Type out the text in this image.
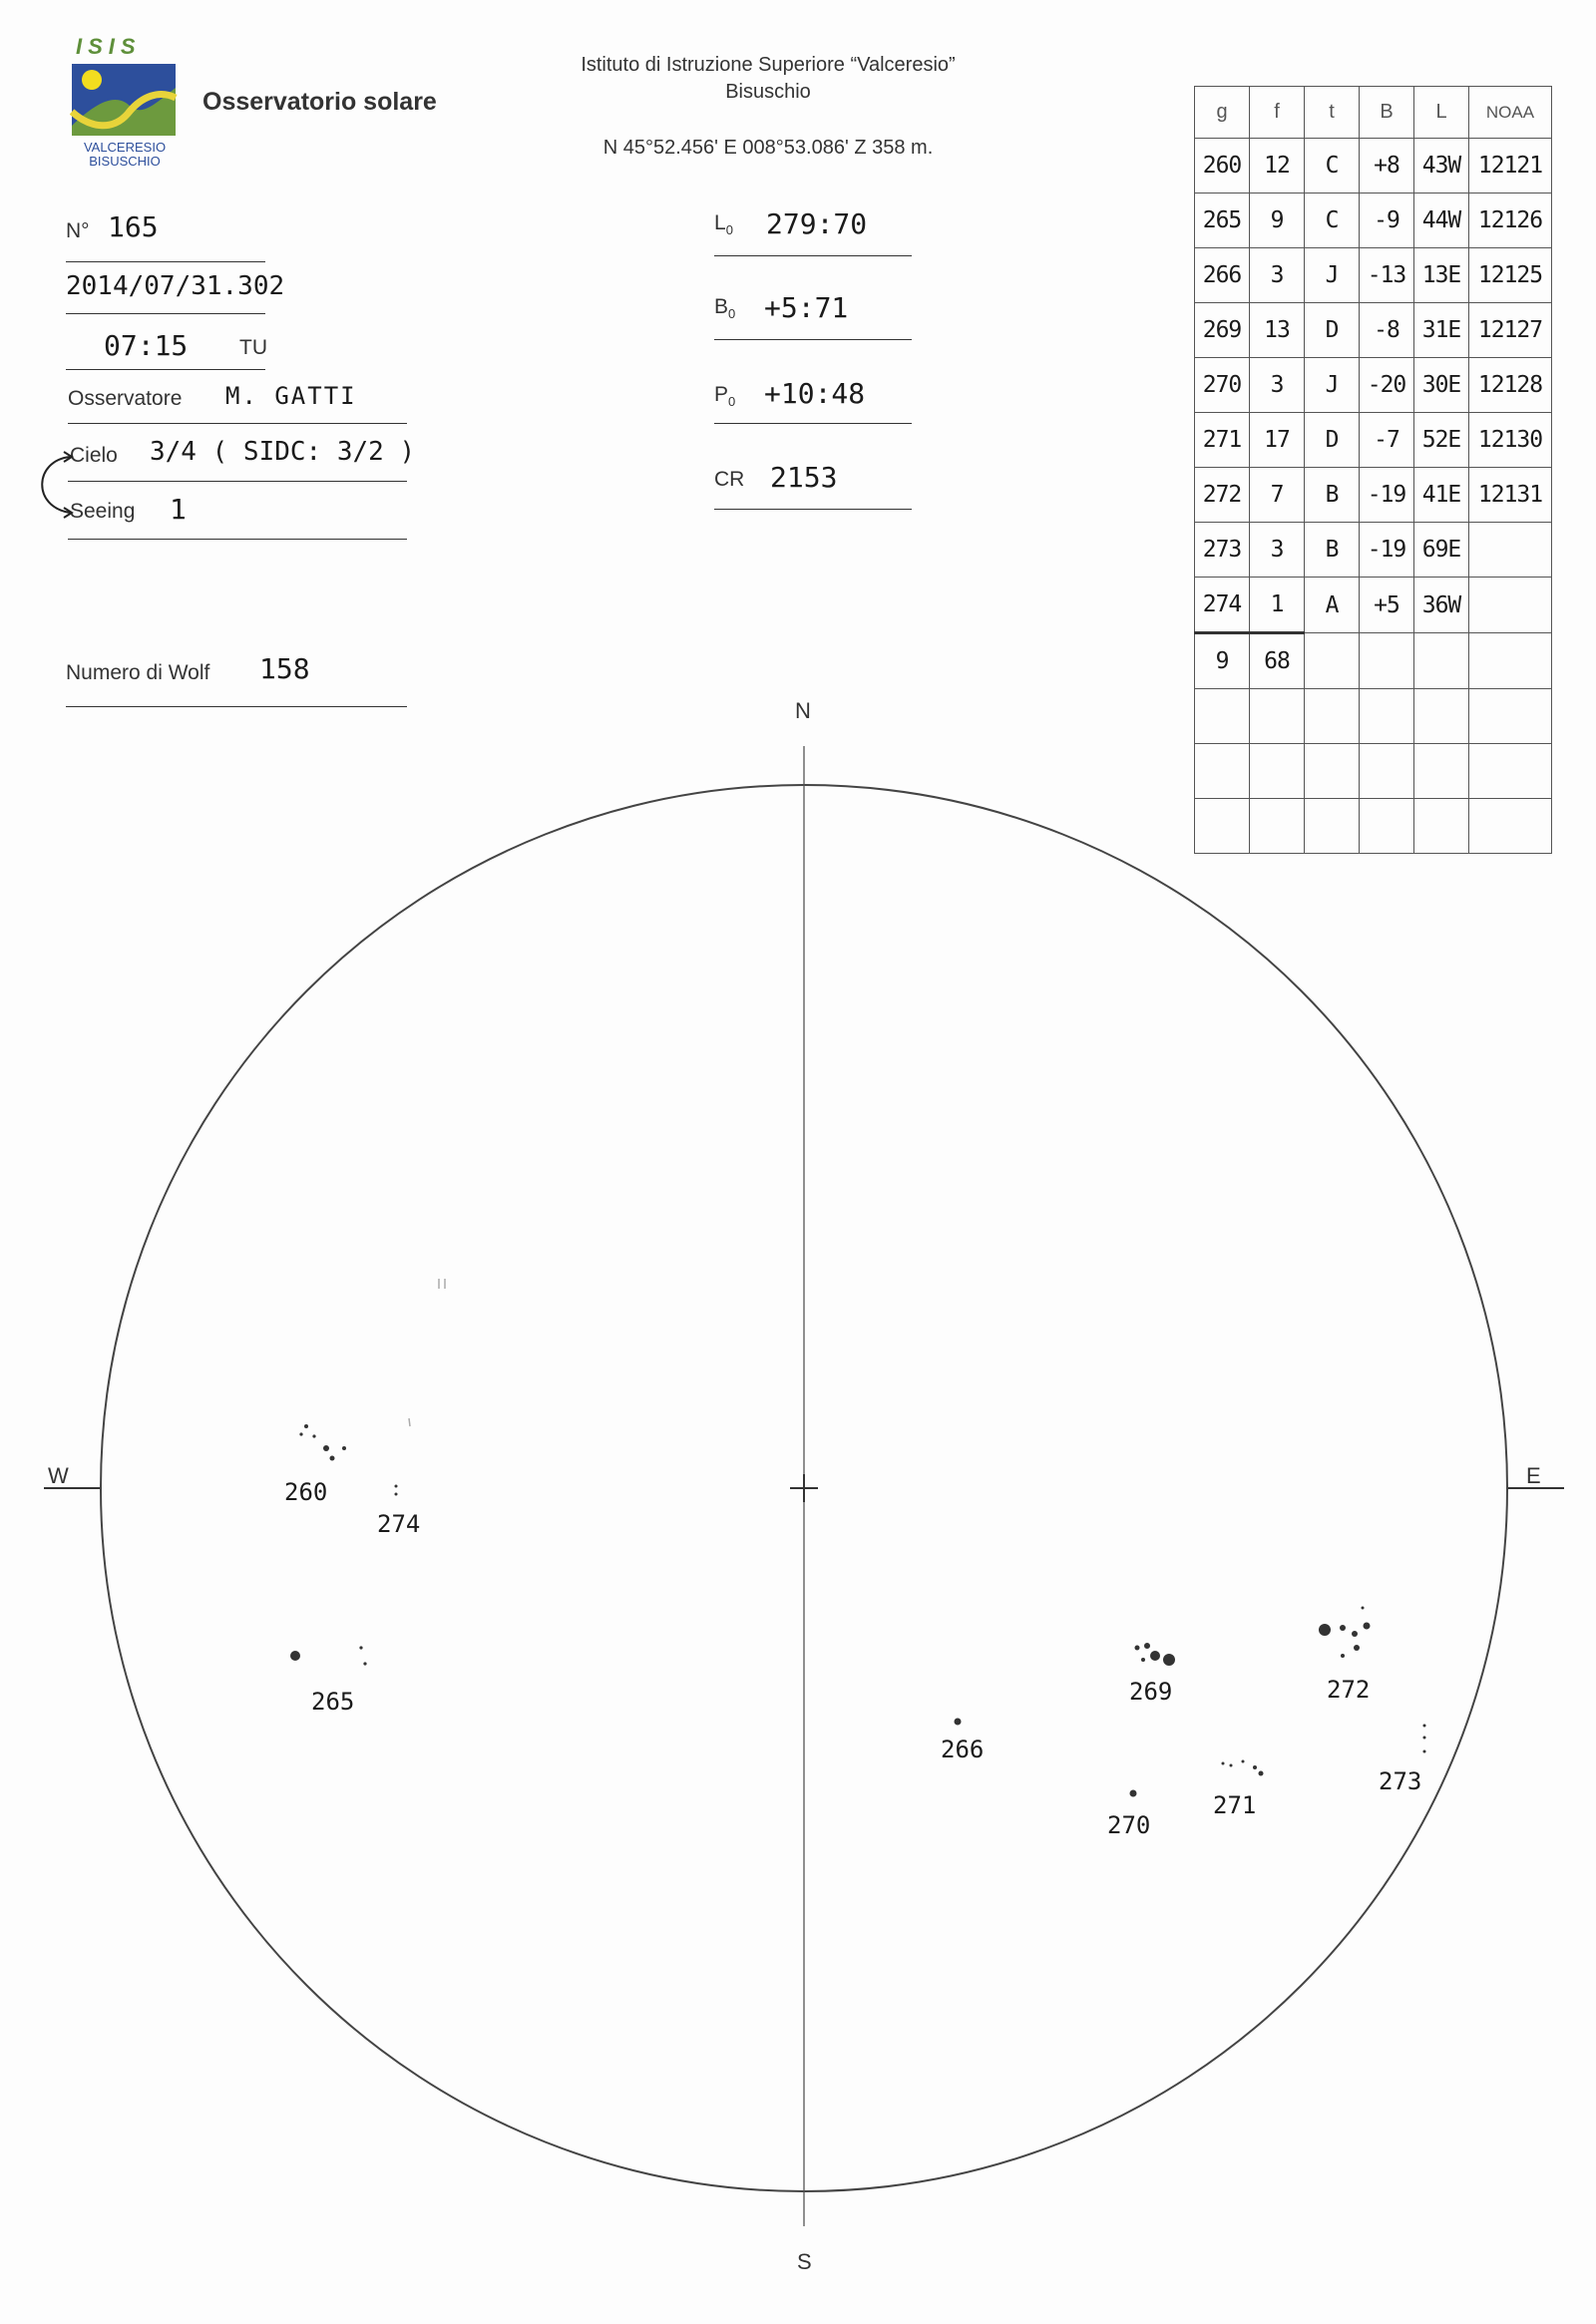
ISIS
VALCERESIO
BISUSCHIO
Osservatorio solare
Istituto di Istruzione Superiore “Valceresio”
Bisuschio
N 45°52.456' E 008°53.086' Z 358 m.
N° 165
2014/07/31.302
07:15 TU
Osservatore M. GATTI
Cielo 3/4 ( SIDC: 3/2 )
Seeing 1
Numero di Wolf 158
$L_0$ 279:70
$B_0$ +5:71
$P_0$ +10:48
CR 2153
g	f	t	B	L	NOAA
260	12	C	+8	43W	12121
265	9	C	-9	44W	12126
266	3	J	-13	13E	12125
269	13	D	-8	31E	12127
270	3	J	-20	30E	12128
271	17	D	-7	52E	12130
272	7	B	-19	41E	12131
273	3	B	-19	69E	
274	1	A	+5	36W	
9	68				

N
S
W	E
260
274
265
266
269
270
271
272
273
